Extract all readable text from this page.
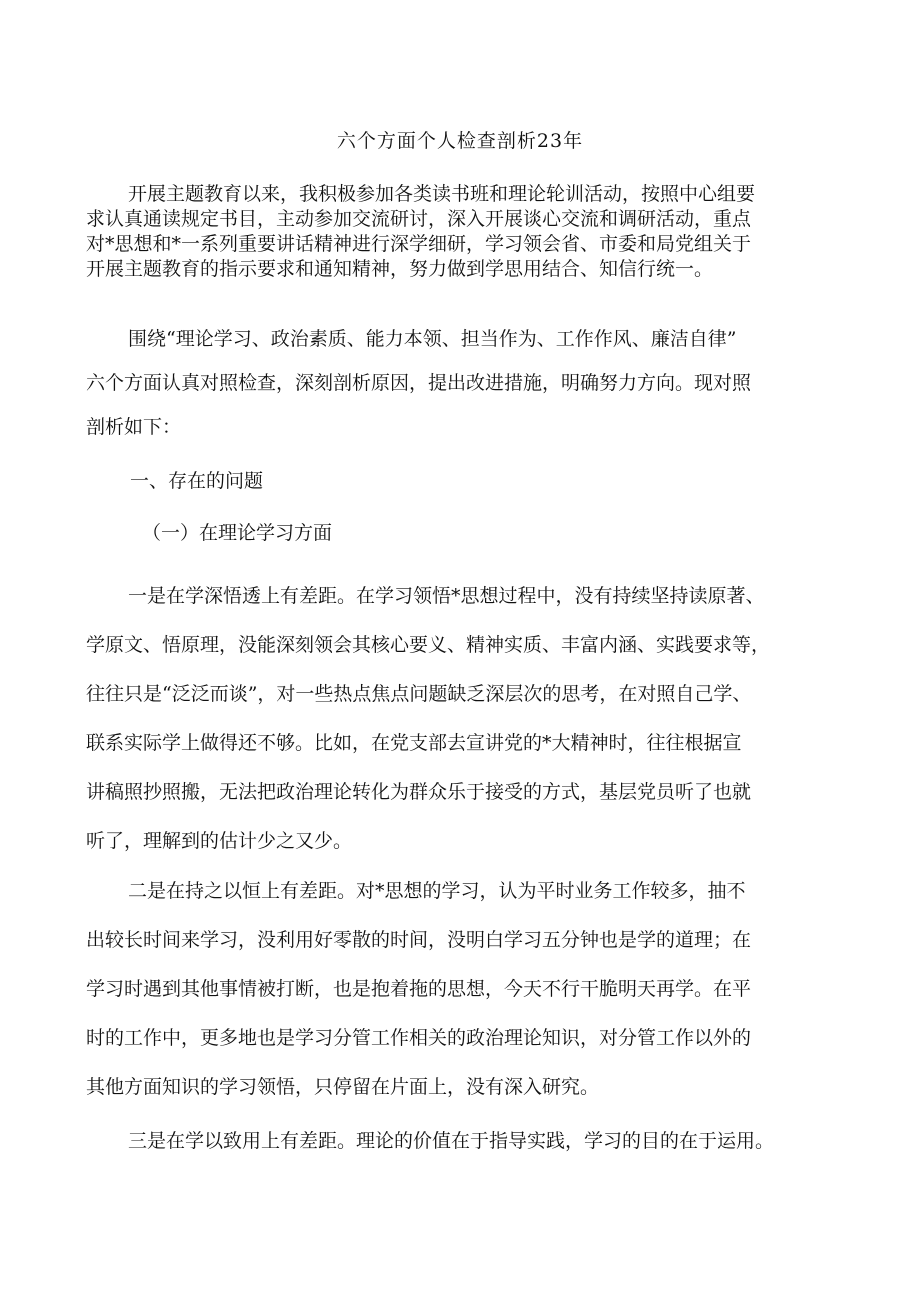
六个方面个人检查剖析23年
开展主题教育以来，我积极参加各类读书班和理论轮训活动，按照中心组要
求认真通读规定书目，主动参加交流研讨，深入开展谈心交流和调研活动，重点
对*思想和*一系列重要讲话精神进行深学细研，学习领会省、市委和局党组关于
开展主题教育的指示要求和通知精神，努力做到学思用结合、知信行统一。
围绕“理论学习、政治素质、能力本领、担当作为、工作作风、廉洁自律”
六个方面认真对照检查，深刻剖析原因，提出改进措施，明确努力方向。现对照
剖析如下：
一、存在的问题
（一）在理论学习方面
一是在学深悟透上有差距。在学习领悟*思想过程中，没有持续坚持读原著、
学原文、悟原理，没能深刻领会其核心要义、精神实质、丰富内涵、实践要求等，
往往只是“泛泛而谈”，对一些热点焦点问题缺乏深层次的思考，在对照自己学、
联系实际学上做得还不够。比如，在党支部去宣讲党的*大精神时，往往根据宣
讲稿照抄照搬，无法把政治理论转化为群众乐于接受的方式，基层党员听了也就
听了，理解到的估计少之又少。
二是在持之以恒上有差距。对*思想的学习，认为平时业务工作较多，抽不
出较长时间来学习，没利用好零散的时间，没明白学习五分钟也是学的道理；在
学习时遇到其他事情被打断，也是抱着拖的思想，今天不行干脆明天再学。在平
时的工作中，更多地也是学习分管工作相关的政治理论知识，对分管工作以外的
其他方面知识的学习领悟，只停留在片面上，没有深入研究。
三是在学以致用上有差距。理论的价值在于指导实践，学习的目的在于运用。
